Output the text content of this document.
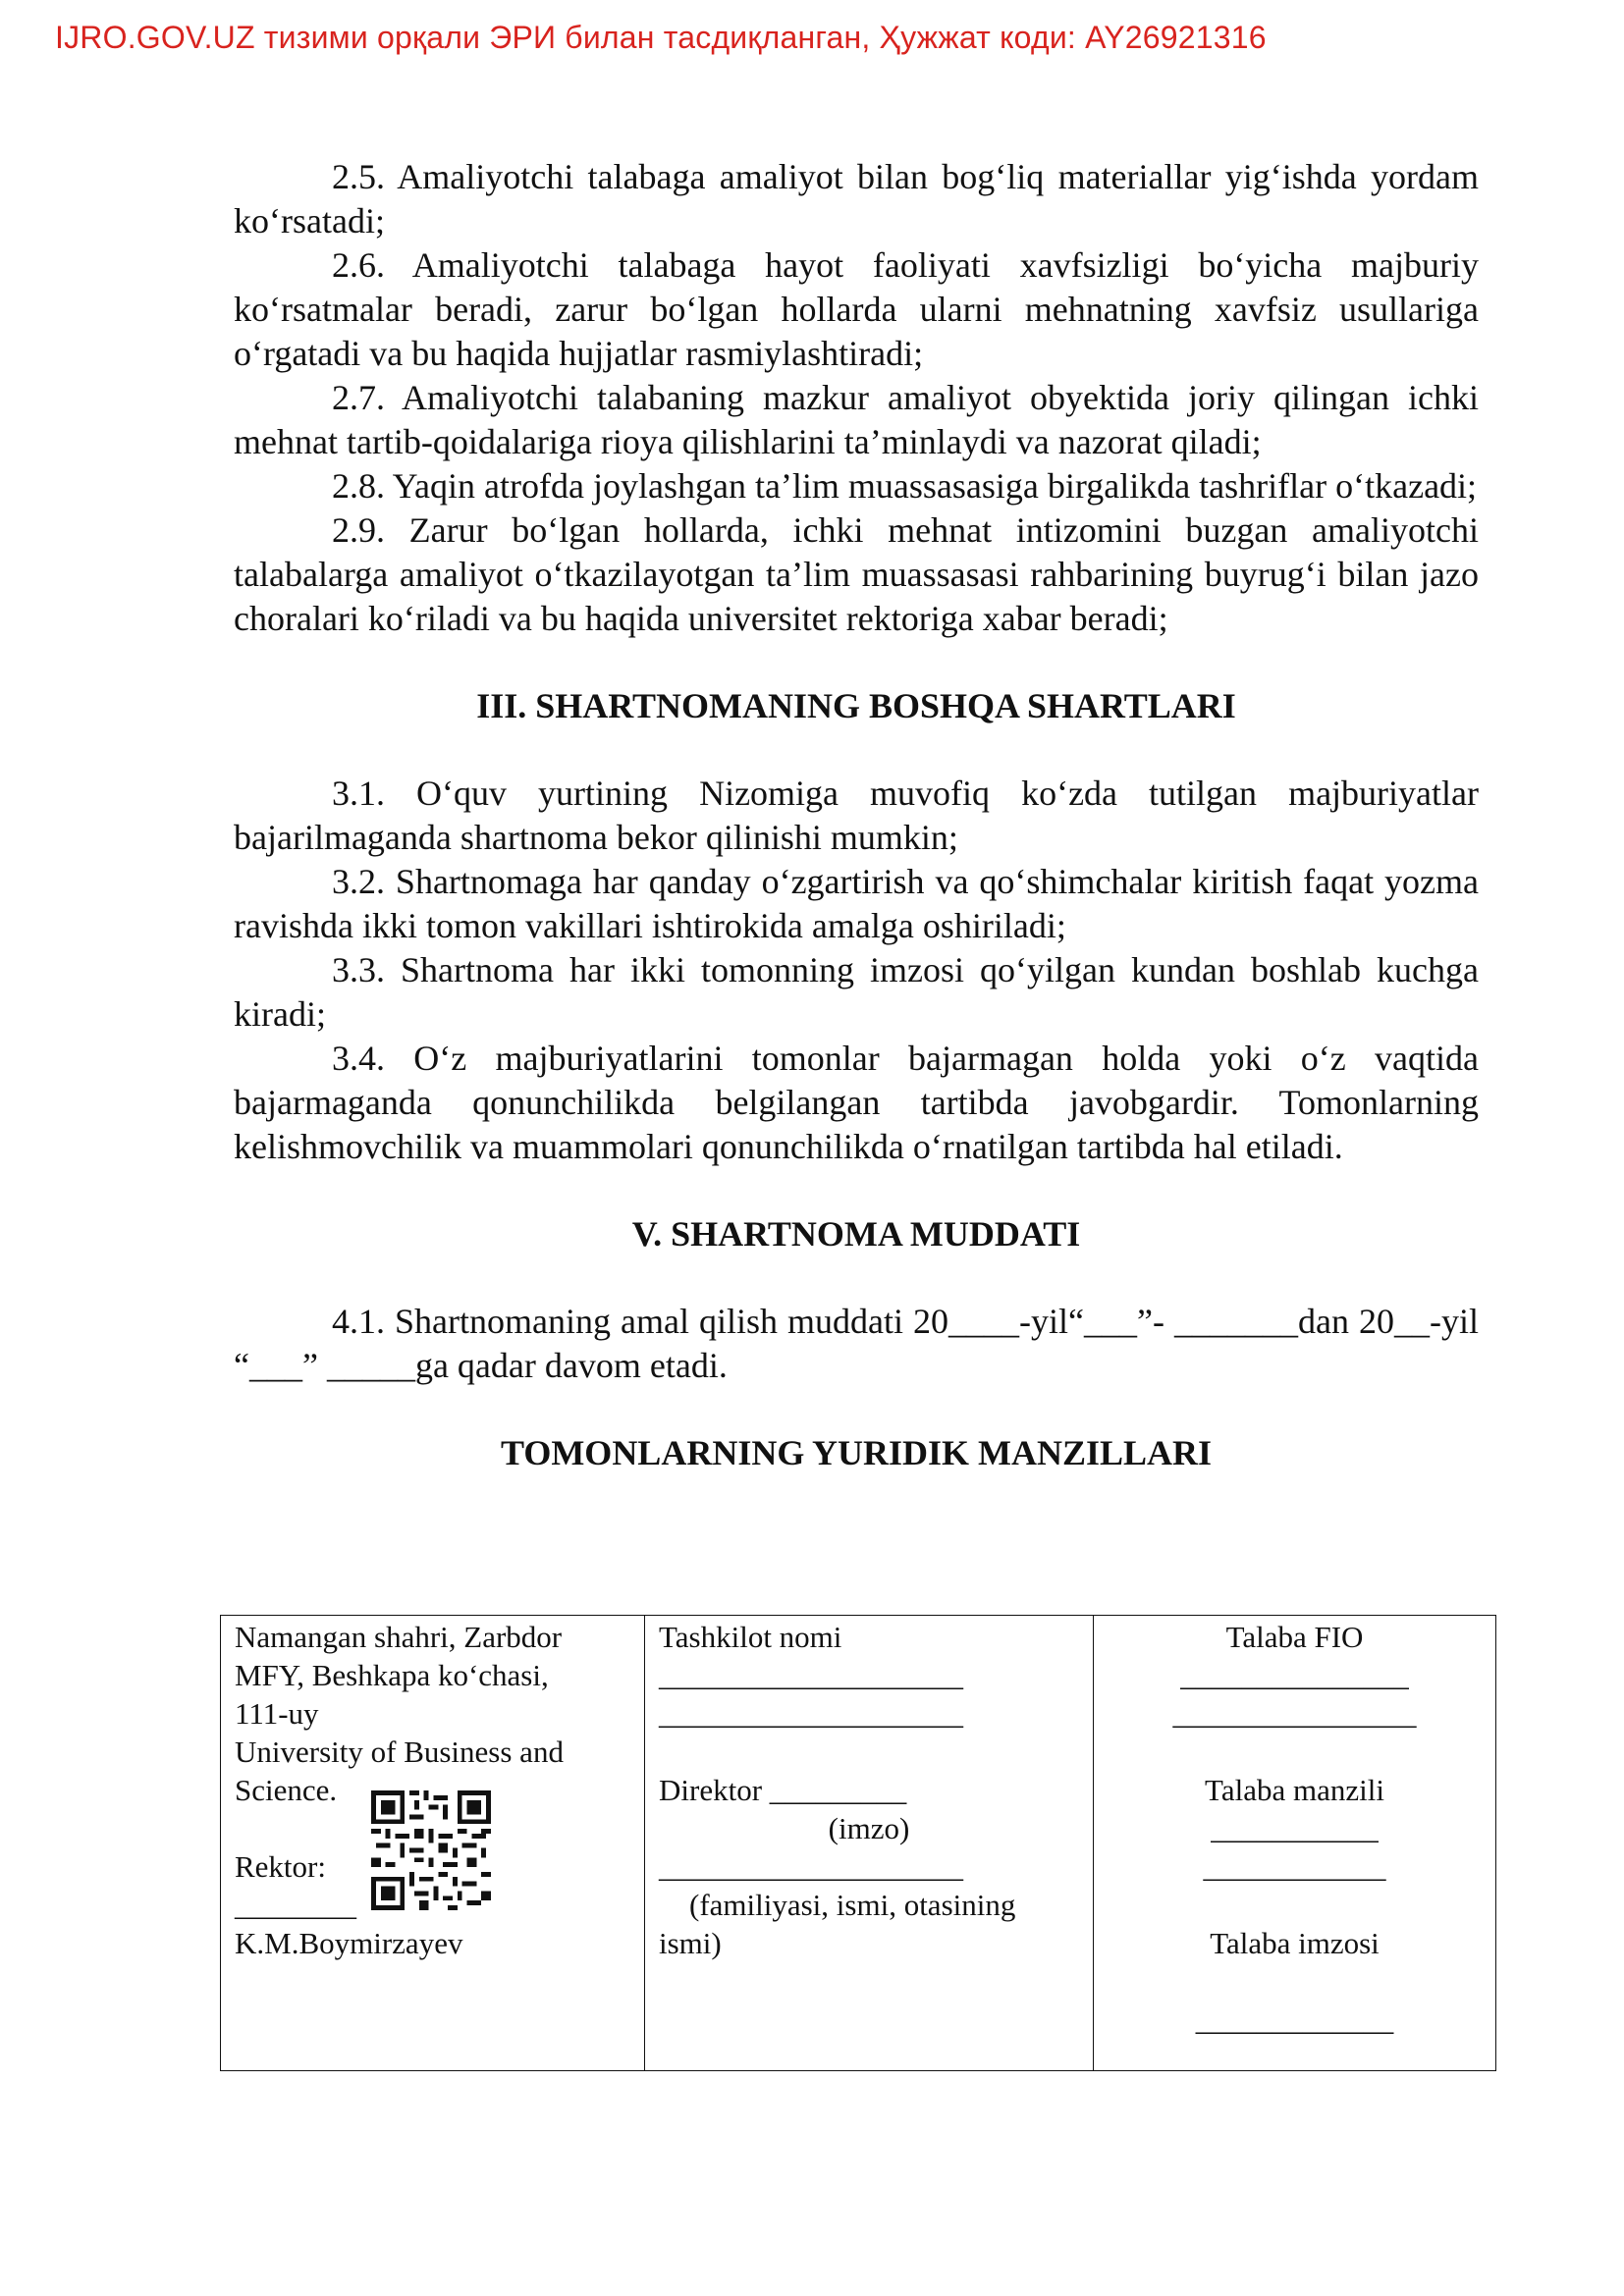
IJRO.GOV.UZ тизими орқали ЭРИ билан тасдиқланган, Ҳужжат коди: AY26921316

2.5. Amaliyotchi talabaga amaliyot bilan bog‘liq materiallar yig‘ishda yordam ko‘rsatadi;

2.6. Amaliyotchi talabaga hayot faoliyati xavfsizligi bo‘yicha majburiy ko‘rsatmalar beradi, zarur bo‘lgan hollarda ularni mehnatning xavfsiz usullariga o‘rgatadi va bu haqida hujjatlar rasmiylashtiradi;

2.7. Amaliyotchi talabaning mazkur amaliyot obyektida joriy qilingan ichki mehnat tartib-qoidalariga rioya qilishlarini ta’minlaydi va nazorat qiladi;

2.8. Yaqin atrofda joylashgan ta’lim muassasasiga birgalikda tashriflar o‘tkazadi;

2.9. Zarur bo‘lgan hollarda, ichki mehnat intizomini buzgan amaliyotchi talabalarga amaliyot o‘tkazilayotgan ta’lim muassasasi rahbarining buyrug‘i bilan jazo choralari ko‘riladi va bu haqida universitet rektoriga xabar beradi;

III. SHARTNOMANING BOSHQA SHARTLARI

3.1. O‘quv yurtining Nizomiga muvofiq ko‘zda tutilgan majburiyatlar bajarilmaganda shartnoma bekor qilinishi mumkin;

3.2. Shartnomaga har qanday o‘zgartirish va qo‘shimchalar kiritish faqat yozma ravishda ikki tomon vakillari ishtirokida amalga oshiriladi;

3.3. Shartnoma har ikki tomonning imzosi qo‘yilgan kundan boshlab kuchga kiradi;

3.4. O‘z majburiyatlarini tomonlar bajarmagan holda yoki o‘z vaqtida bajarmaganda qonunchilikda belgilangan tartibda javobgardir. Tomonlarning kelishmovchilik va muammolari qonunchilikda o‘rnatilgan tartibda hal etiladi.

V. SHARTNOMA MUDDATI

4.1. Shartnomaning amal qilish muddati 20____-yil“___”- _______dan 20__-yil “___” _____ga qadar davom etadi.

TOMONLARNING YURIDIK MANZILLARI

Namangan shahri, Zarbdor
MFY, Beshkapa ko‘chasi,
111-uy
University of Business and
Science.
Rektor:
________
K.M.Boymirzayev
Tashkilot nomi
____________________
____________________
Direktor _________
(imzo)
____________________
(familiyasi, ismi, otasining
ismi)
Talaba FIO
_______________
________________
Talaba manzili
___________
____________
Talaba imzosi
_____________
